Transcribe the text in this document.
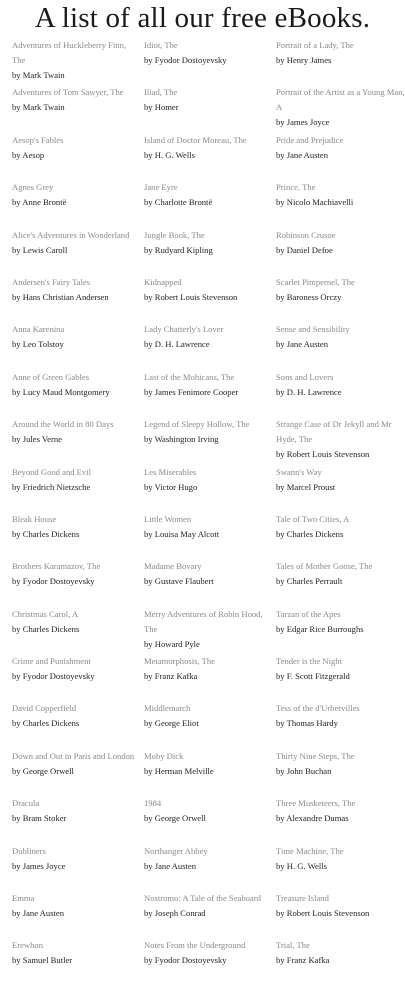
A list of all our free eBooks.
Adventures of Huckleberry Finn, The
by Mark Twain
Adventures of Tom Sawyer, The
by Mark Twain
Aesop's Fables
by Aesop
Agnes Grey
by Anne Brontë
Alice's Adventures in Wonderland
by Lewis Caroll
Andersen's Fairy Tales
by Hans Christian Andersen
Anna Karenina
by Leo Tolstoy
Anne of Green Gables
by Lucy Maud Montgomery
Around the World in 80 Days
by Jules Verne
Beyond Good and Evil
by Friedrich Nietzsche
Bleak House
by Charles Dickens
Brothers Karamazov, The
by Fyodor Dostoyevsky
Christmas Carol, A
by Charles Dickens
Crime and Punishment
by Fyodor Dostoyevsky
David Copperfield
by Charles Dickens
Down and Out in Paris and London
by George Orwell
Dracula
by Bram Stoker
Dubliners
by James Joyce
Emma
by Jane Austen
Erewhon
by Samuel Butler
Idiot, The
by Fyodor Dostoyevsky
Iliad, The
by Homer
Island of Doctor Moreau, The
by H. G. Wells
Jane Eyre
by Charlotte Brontë
Jungle Book, The
by Rudyard Kipling
Kidnapped
by Robert Louis Stevenson
Lady Chatterly's Lover
by D. H. Lawrence
Last of the Mohicans, The
by James Fenimore Cooper
Legend of Sleepy Hollow, The
by Washington Irving
Les Miserables
by Victor Hugo
Little Women
by Louisa May Alcott
Madame Bovary
by Gustave Flaubert
Merry Adventures of Robin Hood, The
by Howard Pyle
Metamorphosis, The
by Franz Kafka
Middlemarch
by George Eliot
Moby Dick
by Herman Melville
1984
by George Orwell
Northanger Abbey
by Jane Austen
Nostromo: A Tale of the Seaboard
by Joseph Conrad
Notes From the Underground
by Fyodor Dostoyevsky
Portrait of a Lady, The
by Henry James
Portrait of the Artist as a Young Man, A
by James Joyce
Pride and Prejudice
by Jane Austen
Prince, The
by Nicolo Machiavelli
Robinson Crusoe
by Daniel Defoe
Scarlet Pimpernel, The
by Baroness Orczy
Sense and Sensibility
by Jane Austen
Sons and Lovers
by D. H. Lawrence
Strange Case of Dr Jekyll and Mr Hyde, The
by Robert Louis Stevenson
Swann's Way
by Marcel Proust
Tale of Two Cities, A
by Charles Dickens
Tales of Mother Goose, The
by Charles Perrault
Tarzan of the Apes
by Edgar Rice Burroughs
Tender is the Night
by F. Scott Fitzgerald
Tess of the d'Urbervilles
by Thomas Hardy
Thirty Nine Steps, The
by John Buchan
Three Musketeers, The
by Alexandre Dumas
Time Machine, The
by H. G. Wells
Treasure Island
by Robert Louis Stevenson
Trial, The
by Franz Kafka
